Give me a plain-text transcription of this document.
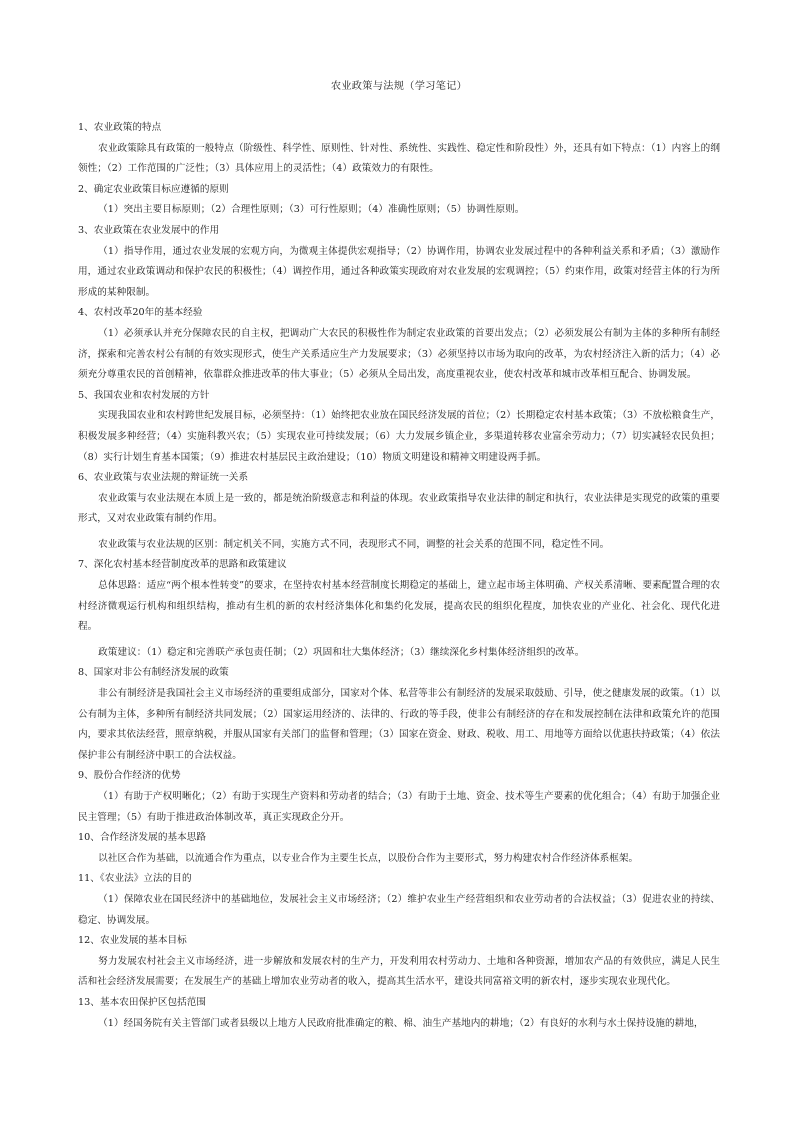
农业政策与法规（学习笔记）

1、农业政策的特点

农业政策除具有政策的一般特点（阶级性、科学性、原则性、针对性、系统性、实践性、稳定性和阶段性）外，还具有如下特点：（1）内容上的纲领性；（2）工作范围的广泛性；（3）具体应用上的灵活性；（4）政策效力的有限性。

2、确定农业政策目标应遵循的原则

（1）突出主要目标原则；（2）合理性原则；（3）可行性原则；（4）准确性原则；（5）协调性原则。

3、农业政策在农业发展中的作用

（1）指导作用，通过农业发展的宏观方向，为微观主体提供宏观指导；（2）协调作用，协调农业发展过程中的各种利益关系和矛盾；（3）激励作用，通过农业政策调动和保护农民的积极性；（4）调控作用，通过各种政策实现政府对农业发展的宏观调控；（5）约束作用，政策对经营主体的行为所形成的某种限制。

4、农村改革20年的基本经验

（1）必须承认并充分保障农民的自主权，把调动广大农民的积极性作为制定农业政策的首要出发点；（2）必须发展公有制为主体的多种所有制经济，探索和完善农村公有制的有效实现形式，使生产关系适应生产力发展要求；（3）必须坚持以市场为取向的改革，为农村经济注入新的活力；（4）必须充分尊重农民的首创精神，依靠群众推进改革的伟大事业；（5）必须从全局出发，高度重视农业，使农村改革和城市改革相互配合、协调发展。

5、我国农业和农村发展的方针

实现我国农业和农村跨世纪发展目标，必须坚持：（1）始终把农业放在国民经济发展的首位；（2）长期稳定农村基本政策；（3）不放松粮食生产，积极发展多种经营；（4）实施科教兴农；（5）实现农业可持续发展；（6）大力发展乡镇企业，多渠道转移农业富余劳动力；（7）切实减轻农民负担；（8）实行计划生育基本国策；（9）推进农村基层民主政治建设；（10）物质文明建设和精神文明建设两手抓。

6、农业政策与农业法规的辩证统一关系

农业政策与农业法规在本质上是一致的，都是统治阶级意志和利益的体现。农业政策指导农业法律的制定和执行，农业法律是实现党的政策的重要形式，又对农业政策有制约作用。

农业政策与农业法规的区别：制定机关不同，实施方式不同，表现形式不同，调整的社会关系的范围不同，稳定性不同。

7、深化农村基本经营制度改革的思路和政策建议

总体思路：适应“两个根本性转变”的要求，在坚持农村基本经营制度长期稳定的基础上，建立起市场主体明确、产权关系清晰、要素配置合理的农村经济微观运行机构和组织结构，推动有生机的新的农村经济集体化和集约化发展，提高农民的组织化程度，加快农业的产业化、社会化、现代化进程。

政策建议：（1）稳定和完善联产承包责任制；（2）巩固和壮大集体经济；（3）继续深化乡村集体经济组织的改革。

8、国家对非公有制经济发展的政策

非公有制经济是我国社会主义市场经济的重要组成部分，国家对个体、私营等非公有制经济的发展采取鼓励、引导，使之健康发展的政策。（1）以公有制为主体，多种所有制经济共同发展；（2）国家运用经济的、法律的、行政的等手段，使非公有制经济的存在和发展控制在法律和政策允许的范围内，要求其依法经营，照章纳税，并服从国家有关部门的监督和管理；（3）国家在资金、财政、税收、用工、用地等方面给以优惠扶持政策；（4）依法保护非公有制经济中职工的合法权益。

9、股份合作经济的优势

（1）有助于产权明晰化；（2）有助于实现生产资料和劳动者的结合；（3）有助于土地、资金、技术等生产要素的优化组合；（4）有助于加强企业民主管理；（5）有助于推进政治体制改革，真正实现政企分开。

10、合作经济发展的基本思路

以社区合作为基础，以流通合作为重点，以专业合作为主要生长点，以股份合作为主要形式，努力构建农村合作经济体系框架。

11、《农业法》立法的目的

（1）保障农业在国民经济中的基础地位，发展社会主义市场经济；（2）维护农业生产经营组织和农业劳动者的合法权益；（3）促进农业的持续、稳定、协调发展。

12、农业发展的基本目标

努力发展农村社会主义市场经济，进一步解放和发展农村的生产力，开发利用农村劳动力、土地和各种资源，增加农产品的有效供应，满足人民生活和社会经济发展需要；在发展生产的基础上增加农业劳动者的收入，提高其生活水平，建设共同富裕文明的新农村，逐步实现农业现代化。

13、基本农田保护区包括范围

（1）经国务院有关主管部门或者县级以上地方人民政府批准确定的粮、棉、油生产基地内的耕地；（2）有良好的水利与水土保持设施的耕地，
